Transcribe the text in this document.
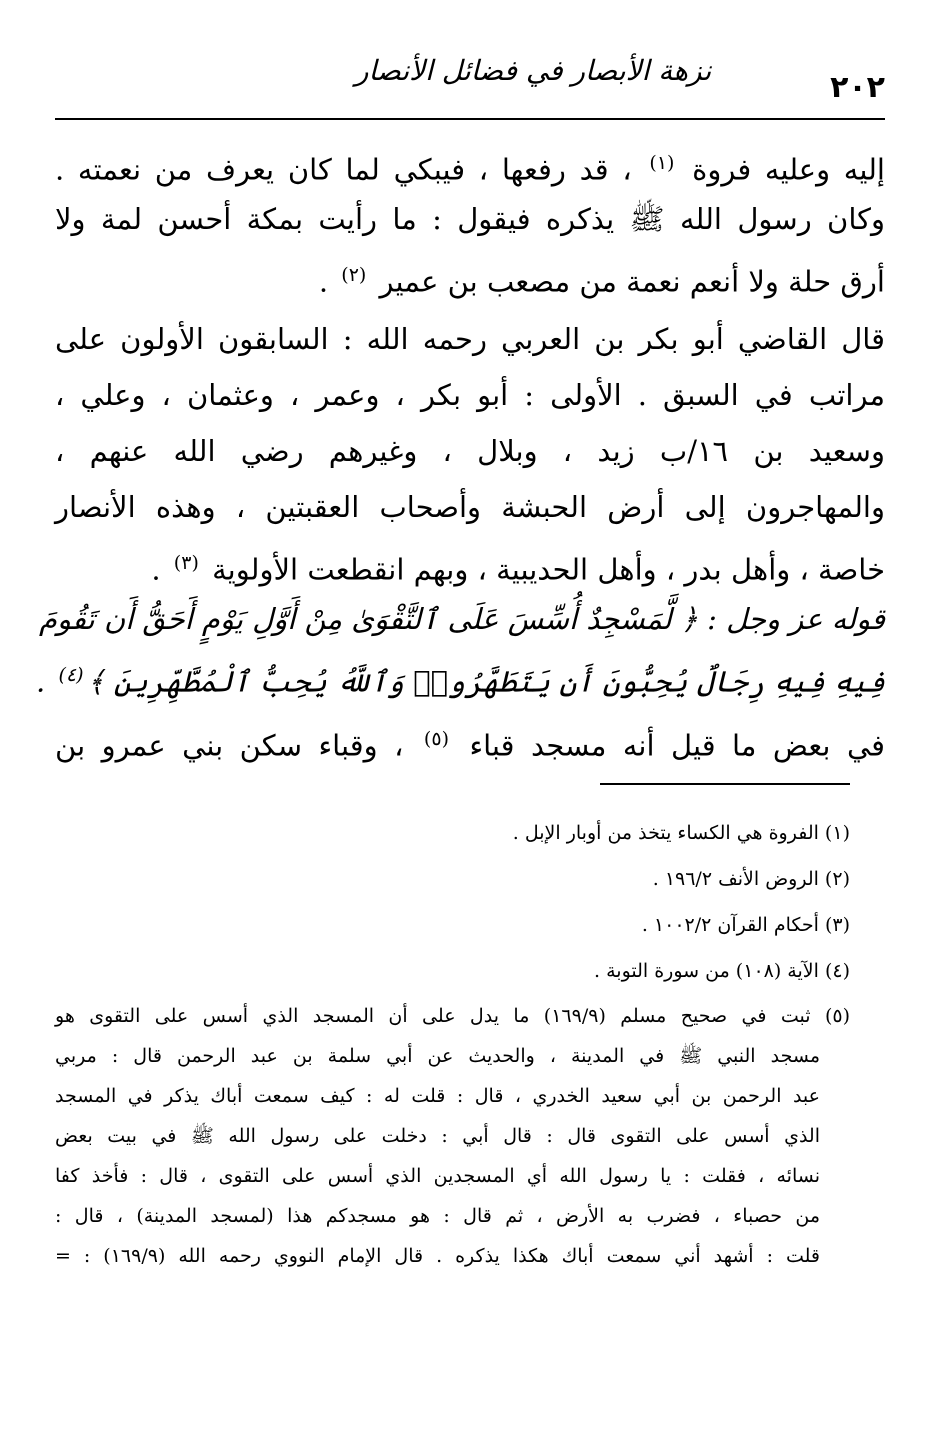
نزهة الأبصار في فضائل الأنصار	٢٠٢
إليه وعليه فروة $^{(١)}$ ، قد رفعها ، فيبكي لما كان يعرف من نعمته .
وكان رسول الله ﷺ يذكره فيقول : ما رأيت بمكة أحسن لمة ولا
أرق حلة ولا أنعم نعمة من مصعب بن عمير $^{(٢)}$ .
قال القاضي أبو بكر بن العربي رحمه الله : السابقون الأولون على
مراتب في السبق . الأولى : أبو بكر ، وعمر ، وعثمان ، وعلي ،
وسعيد بن ١٦/ب زيد ، وبلال ، وغيرهم رضي الله عنهم ،
والمهاجرون إلى أرض الحبشة وأصحاب العقبتين ، وهذه الأنصار
خاصة ، وأهل بدر ، وأهل الحديبية ، وبهم انقطعت الأولوية $^{(٣)}$ .
قوله عز وجل : ﴿ لَّمَسْجِدٌ أُسِّسَ عَلَى ٱلتَّقْوَىٰ مِنْ أَوَّلِ يَوْمٍ أَحَقُّ أَن تَقُومَ
فِيهِ فِيهِ رِجَالٌ يُحِبُّونَ أَن يَتَطَهَّرُوا۟ وَٱللَّهُ يُحِبُّ ٱلْمُطَّهِّرِينَ ﴾$^{(٤)}$ .
في بعض ما قيل أنه مسجد قباء $^{(٥)}$ ، وقباء سكن بني عمرو بن
(١) الفروة هي الكساء يتخذ من أوبار الإبل .
(٢) الروض الأنف ١٩٦/٢ .
(٣) أحكام القرآن ١٠٠٢/٢ .
(٤) الآية (١٠٨) من سورة التوبة .
(٥) ثبت في صحيح مسلم (١٦٩/٩) ما يدل على أن المسجد الذي أسس على التقوى هو
مسجد النبي ﷺ في المدينة ، والحديث عن أبي سلمة بن عبد الرحمن قال : مربي
عبد الرحمن بن أبي سعيد الخدري ، قال : قلت له : كيف سمعت أباك يذكر في المسجد
الذي أسس على التقوى قال : قال أبي : دخلت على رسول الله ﷺ في بيت بعض
نسائه ، فقلت : يا رسول الله أي المسجدين الذي أسس على التقوى ، قال : فأخذ كفا
من حصباء ، فضرب به الأرض ، ثم قال : هو مسجدكم هذا (لمسجد المدينة) ، قال :
قلت : أشهد أني سمعت أباك هكذا يذكره . قال الإمام النووي رحمه الله (١٦٩/٩) : =
